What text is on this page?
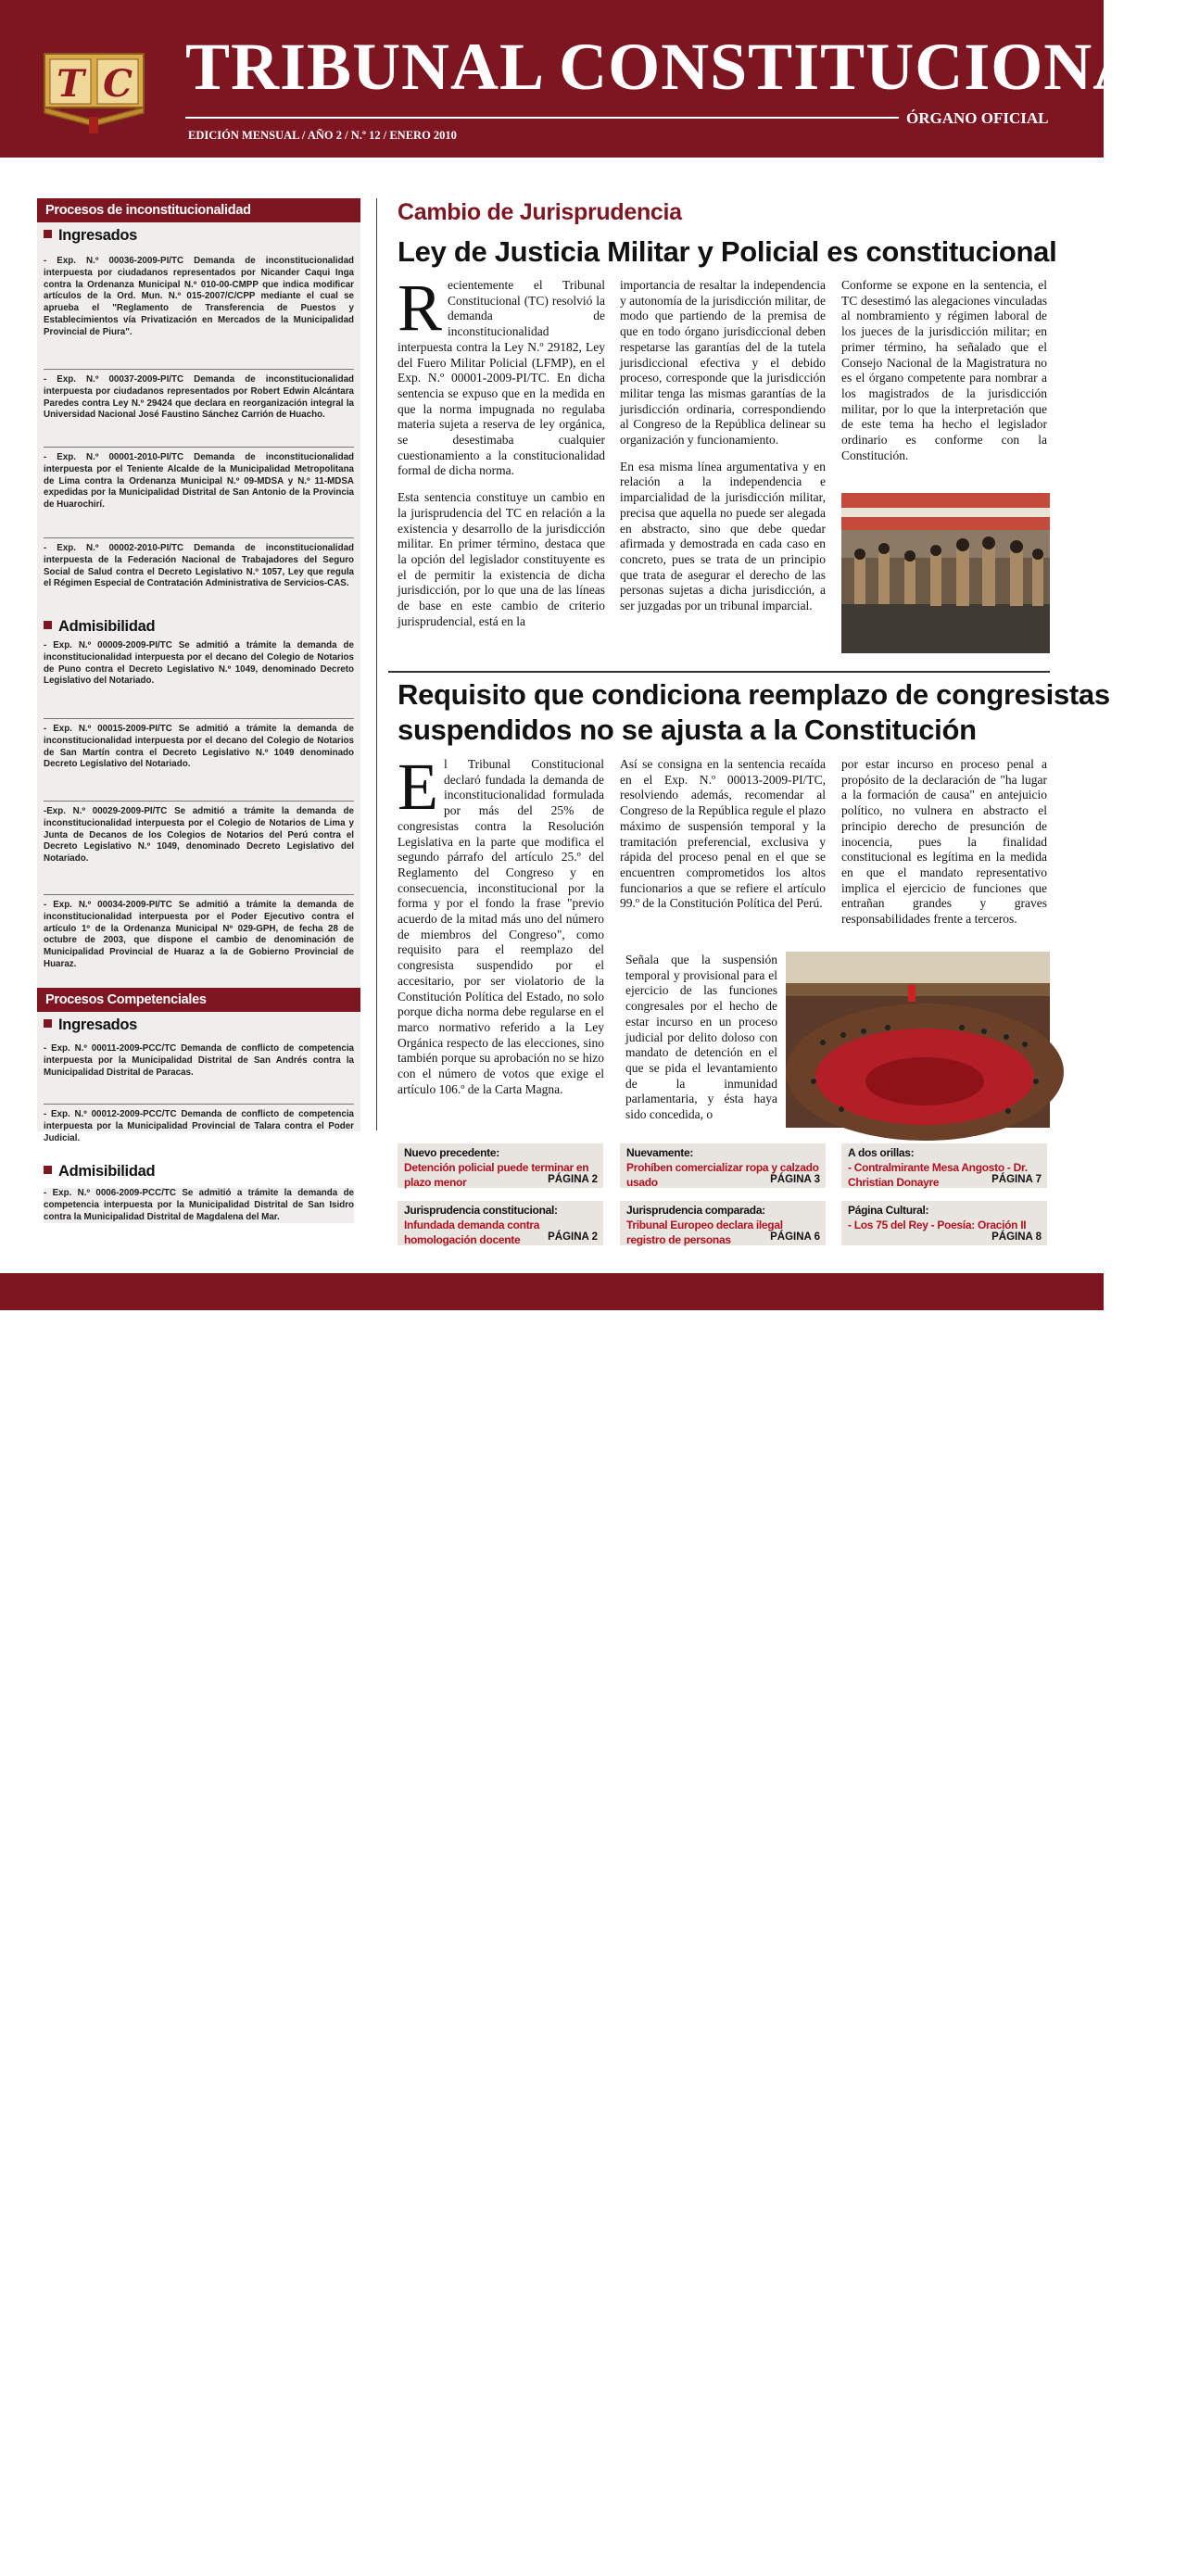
T C TRIBUNAL CONSTITUCIONAL
ÓRGANO OFICIAL
EDICIÓN MENSUAL / AÑO 2 / N.º 12 / ENERO 2010
Procesos de inconstitucionalidad
Ingresados
- Exp. N.º 00036-2009-PI/TC Demanda de inconstitucionalidad interpuesta por ciudadanos representados por Nicander Caqui Inga contra la Ordenanza Municipal N.º 010-00-CMPP que indica modificar artículos de la Ord. Mun. N.º 015-2007/C/CPP mediante el cual se aprueba el "Reglamento de Transferencia de Puestos y Establecimientos vía Privatización en Mercados de la Municipalidad Provincial de Piura".
- Exp. N.º 00037-2009-PI/TC Demanda de inconstitucionalidad interpuesta por ciudadanos representados por Robert Edwin Alcántara Paredes contra Ley N.º 29424 que declara en reorganización integral la Universidad Nacional José Faustino Sánchez Carrión de Huacho.
- Exp. N.º 00001-2010-PI/TC Demanda de inconstitucionalidad interpuesta por el Teniente Alcalde de la Municipalidad Metropolitana de Lima contra la Ordenanza Municipal N.º 09-MDSA y N.º 11-MDSA expedidas por la Municipalidad Distrital de San Antonio de la Provincia de Huarochirí.
- Exp. N.º 00002-2010-PI/TC Demanda de inconstitucionalidad interpuesta de la Federación Nacional de Trabajadores del Seguro Social de Salud contra el Decreto Legislativo N.º 1057, Ley que regula el Régimen Especial de Contratación Administrativa de Servicios-CAS.
Admisibilidad
- Exp. N.º 00009-2009-PI/TC Se admitió a trámite la demanda de inconstitucionalidad interpuesta por el decano del Colegio de Notarios de Puno contra el Decreto Legislativo N.º 1049, denominado Decreto Legislativo del Notariado.
- Exp. N.º 00015-2009-PI/TC Se admitió a trámite la demanda de inconstitucionalidad interpuesta por el decano del Colegio de Notarios de San Martín contra el Decreto Legislativo N.º 1049 denominado Decreto Legislativo del Notariado.
-Exp. N.º 00029-2009-PI/TC Se admitió a trámite la demanda de inconstitucionalidad interpuesta por el Colegio de Notarios de Lima y Junta de Decanos de los Colegios de Notarios del Perú contra el Decreto Legislativo N.º 1049, denominado Decreto Legislativo del Notariado.
- Exp. N.º 00034-2009-PI/TC Se admitió a trámite la demanda de inconstitucionalidad interpuesta por el Poder Ejecutivo contra el artículo 1º de la Ordenanza Municipal Nº 029-GPH, de fecha 28 de octubre de 2003, que dispone el cambio de denominación de Municipalidad Provincial de Huaraz a la de Gobierno Provincial de Huaraz.
Procesos Competenciales
Ingresados
- Exp. N.º 00011-2009-PCC/TC Demanda de conflicto de competencia interpuesta por la Municipalidad Distrital de San Andrés contra la Municipalidad Distrital de Paracas.
- Exp. N.º 00012-2009-PCC/TC Demanda de conflicto de competencia interpuesta por la Municipalidad Provincial de Talara contra el Poder Judicial.
Admisibilidad
- Exp. N.º 0006-2009-PCC/TC Se admitió a trámite la demanda de competencia interpuesta por la Municipalidad Distrital de San Isidro contra la Municipalidad Distrital de Magdalena del Mar.
Cambio de Jurisprudencia
Ley de Justicia Militar y Policial es constitucional
Recientemente el Tribunal Constitucional (TC) resolvió la demanda de inconstitucionalidad interpuesta contra la Ley N.º 29182, Ley del Fuero Militar Policial (LFMP), en el Exp. N.º 00001-2009-PI/TC. En dicha sentencia se expuso que en la medida en que la norma impugnada no regulaba materia sujeta a reserva de ley orgánica, se desestimaba cualquier cuestionamiento a la constitucionalidad formal de dicha norma.

Esta sentencia constituye un cambio en la jurisprudencia del TC en relación a la existencia y desarrollo de la jurisdicción militar. En primer término, destaca que la opción del legislador constituyente es el de permitir la existencia de dicha jurisdicción, por lo que una de las líneas de base en este cambio de criterio jurisprudencial, está en la

importancia de resaltar la independencia y autonomía de la jurisdicción militar, de modo que partiendo de la premisa de que en todo órgano jurisdiccional deben respetarse las garantías del de la tutela jurisdiccional efectiva y el debido proceso, corresponde que la jurisdicción militar tenga las mismas garantías de la jurisdicción ordinaria, correspondiendo al Congreso de la República delinear su organización y funcionamiento.

En esa misma línea argumentativa y en relación a la independencia e imparcialidad de la jurisdicción militar, precisa que aquella no puede ser alegada en abstracto, sino que debe quedar afirmada y demostrada en cada caso en concreto, pues se trata de un principio que trata de asegurar el derecho de las personas sujetas a dicha jurisdicción, a ser juzgadas por un tribunal imparcial.

Conforme se expone en la sentencia, el TC desestimó las alegaciones vinculadas al nombramiento y régimen laboral de los jueces de la jurisdicción militar; en primer término, ha señalado que el Consejo Nacional de la Magistratura no es el órgano competente para nombrar a los magistrados de la jurisdicción militar, por lo que la interpretación que de este tema ha hecho el legislador ordinario es conforme con la Constitución.

Requisito que condiciona reemplazo de congresistas
suspendidos no se ajusta a la Constitución
El Tribunal Constitucional declaró fundada la demanda de inconstitucionalidad formulada por más del 25% de congresistas contra la Resolución Legislativa en la parte que modifica el segundo párrafo del artículo 25.º del Reglamento del Congreso y en consecuencia, inconstitucional por la forma y por el fondo la frase "previo acuerdo de la mitad más uno del número de miembros del Congreso", como requisito para el reemplazo del congresista suspendido por el accesitario, por ser violatorio de la Constitución Política del Estado, no solo porque dicha norma debe regularse en el marco normativo referido a la Ley Orgánica respecto de las elecciones, sino también porque su aprobación no se hizo con el número de votos que exige el artículo 106.º de la Carta Magna.

Así se consigna en la sentencia recaída en el Exp. N.º 00013-2009-PI/TC, resolviendo además, recomendar al Congreso de la República regule el plazo máximo de suspensión temporal y la tramitación preferencial, exclusiva y rápida del proceso penal en el que se encuentren comprometidos los altos funcionarios a que se refiere el artículo 99.º de la Constitución Política del Perú.

Señala que la suspensión temporal y provisional para el ejercicio de las funciones congresales por el hecho de estar incurso en un proceso judicial por delito doloso con mandato de detención en el que se pida el levantamiento de la inmunidad parlamentaria, y ésta haya sido concedida, o

por estar incurso en proceso penal a propósito de la declaración de "ha lugar a la formación de causa" en antejuicio político, no vulnera en abstracto el principio derecho de presunción de inocencia, pues la finalidad constitucional es legítima en la medida en que el mandato representativo implica el ejercicio de funciones que entrañan grandes y graves responsabilidades frente a terceros.

Nuevo precedente:
Detención policial puede terminar en plazo menor	PÁGINA 2
Nuevamente:
Prohíben comercializar ropa y calzado usado	PÁGINA 3
A dos orillas:
- Contralmirante Mesa Angosto - Dr. Christian Donayre	PÁGINA 7
Jurisprudencia constitucional:
Infundada demanda contra homologación docente	PÁGINA 2
Jurisprudencia comparada:
Tribunal Europeo declara ilegal registro de personas	PÁGINA 6
Página Cultural:
- Los 75 del Rey - Poesía: Oración II
PÁGINA 8
Jr. Ancash Nº 390 Cercado de Lima - Perú - Central Telefónica: 427-5814 www.tc.gob.pe webmaster@tc.gob.pe
